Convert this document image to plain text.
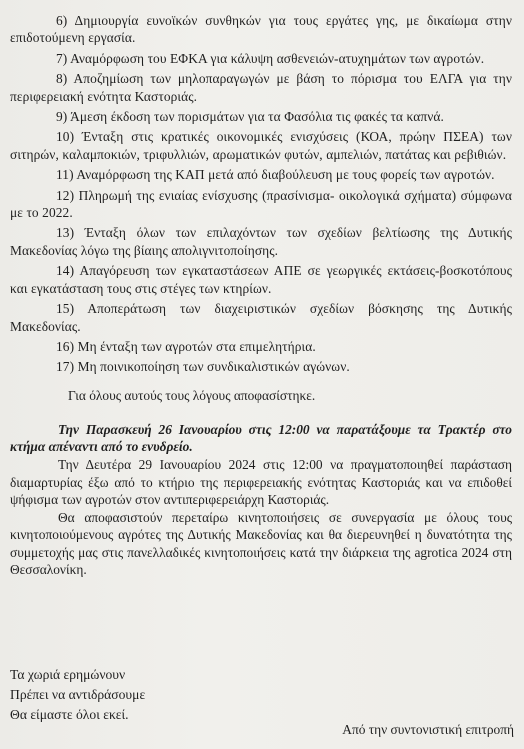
6) Δημιουργία ευνοϊκών συνθηκών για τους εργάτες γης, με δικαίωμα στην επιδοτούμενη εργασία.
7) Αναμόρφωση του ΕΦΚΑ για κάλυψη ασθενειών-ατυχημάτων των αγροτών.
8) Αποζημίωση των μηλοπαραγωγών με βάση το πόρισμα του ΕΛΓΑ για την περιφερειακή ενότητα Καστοριάς.
9) Άμεση έκδοση των πορισμάτων για τα Φασόλια τις φακές τα καπνά.
10) Ένταξη στις κρατικές οικονομικές ενισχύσεις (ΚΟΑ, πρώην ΠΣΕΑ) των σιτηρών, καλαμποκιών, τριφυλλιών, αρωματικών φυτών, αμπελιών, πατάτας και ρεβιθιών.
11) Αναμόρφωση της ΚΑΠ μετά από διαβούλευση με τους φορείς των αγροτών.
12) Πληρωμή της ενιαίας ενίσχυσης (πρασίνισμα- οικολογικά σχήματα) σύμφωνα με το 2022.
13) Ένταξη όλων των επιλαχόντων των σχεδίων βελτίωσης της Δυτικής Μακεδονίας λόγω της βίαιης απολιγνιτοποίησης.
14) Απαγόρευση των εγκαταστάσεων ΑΠΕ σε γεωργικές εκτάσεις-βοσκοτόπους και εγκατάσταση τους στις στέγες των κτηρίων.
15) Αποπεράτωση των διαχειριστικών σχεδίων βόσκησης της Δυτικής Μακεδονίας.
16) Μη ένταξη των αγροτών στα επιμελητήρια.
17) Μη ποινικοποίηση των συνδικαλιστικών αγώνων.
Για όλους αυτούς τους λόγους αποφασίστηκε.
Την Παρασκευή 26 Ιανουαρίου στις 12:00 να παρατάξουμε τα Τρακτέρ στο κτήμα απέναντι από το ενυδρείο.

Την Δευτέρα 29 Ιανουαρίου 2024 στις 12:00 να πραγματοποιηθεί παράσταση διαμαρτυρίας έξω από το κτήριο της περιφερειακής ενότητας Καστοριάς και να επιδοθεί ψήφισμα των αγροτών στον αντιπεριφερειάρχη Καστοριάς.

Θα αποφασιστούν περεταίρω κινητοποιήσεις σε συνεργασία με όλους τους κινητοποιούμενους αγρότες της Δυτικής Μακεδονίας και θα διερευνηθεί η δυνατότητα της συμμετοχής μας στις πανελλαδικές κινητοποιήσεις κατά την διάρκεια της agrotica 2024 στη Θεσσαλονίκη.

Τα χωριά ερημώνουν
Πρέπει να αντιδράσουμε
Θα είμαστε όλοι εκεί.
Από την συντονιστική επιτροπή
